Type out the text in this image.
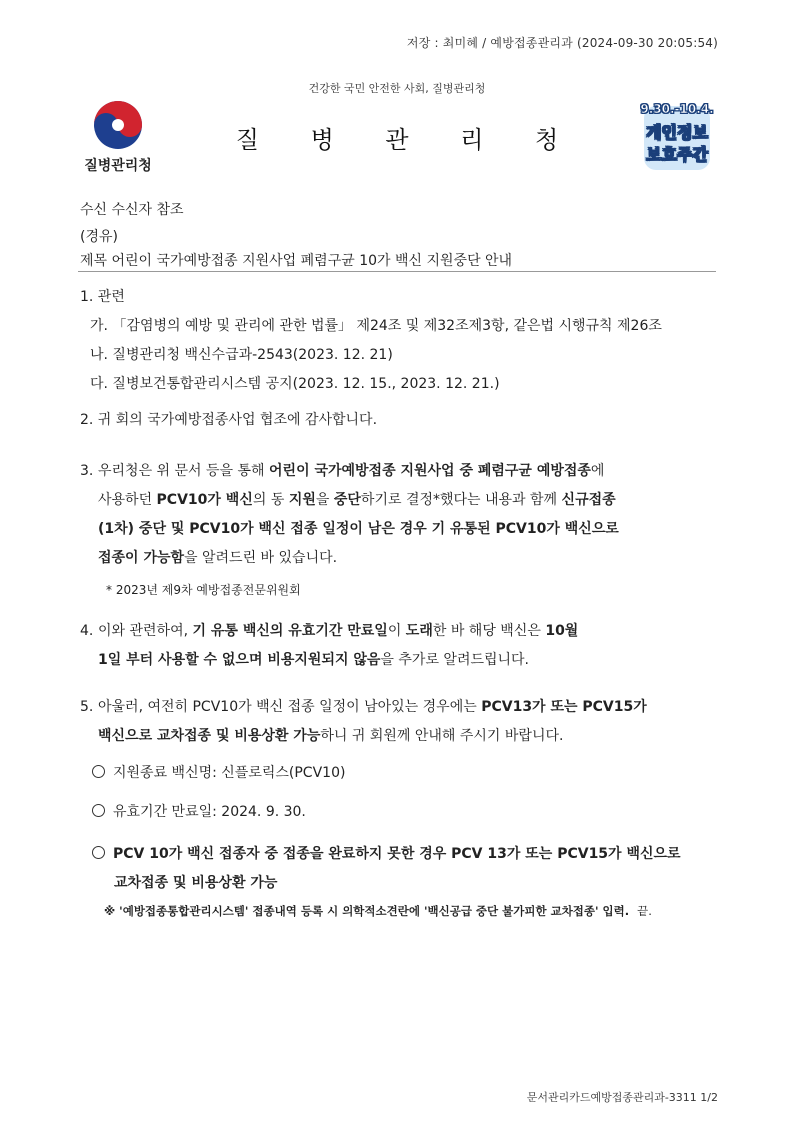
저장 : 최미혜 / 예방접종관리과 (2024-09-30 20:05:54)
건강한 국민 안전한 사회, 질병관리청
질병관리청
질 병 관 리 청
9.30.-10.4.
개인정보
보호주간
수신 수신자 참조
(경유)
제목 어린이 국가예방접종 지원사업 폐렴구균 10가 백신 지원중단 안내
1. 관련
가. 「감염병의 예방 및 관리에 관한 법률」 제24조 및 제32조제3항, 같은법 시행규칙 제26조
나. 질병관리청 백신수급과-2543(2023. 12. 21)
다. 질병보건통합관리시스템 공지(2023. 12. 15., 2023. 12. 21.)
2. 귀 회의 국가예방접종사업 협조에 감사합니다.
3. 우리청은 위 문서 등을 통해 어린이 국가예방접종 지원사업 중 폐렴구균 예방접종에
사용하던 PCV10가 백신의 동 지원을 중단하기로 결정*했다는 내용과 함께 신규접종
(1차) 중단 및 PCV10가 백신 접종 일정이 남은 경우 기 유통된 PCV10가 백신으로
접종이 가능함을 알려드린 바 있습니다.
* 2023년 제9차 예방접종전문위원회
4. 이와 관련하여, 기 유통 백신의 유효기간 만료일이 도래한 바 해당 백신은 10월
1일 부터 사용할 수 없으며 비용지원되지 않음을 추가로 알려드립니다.
5. 아울러, 여전히 PCV10가 백신 접종 일정이 남아있는 경우에는 PCV13가 또는 PCV15가
백신으로 교차접종 및 비용상환 가능하니 귀 회원께 안내해 주시기 바랍니다.
지원종료 백신명: 신플로릭스(PCV10)
유효기간 만료일: 2024. 9. 30.
PCV 10가 백신 접종자 중 접종을 완료하지 못한 경우 PCV 13가 또는 PCV15가 백신으로
교차접종 및 비용상환 가능
※ '예방접종통합관리시스템' 접종내역 등록 시 의학적소견란에 '백신공급 중단 불가피한 교차접종' 입력. 끝.
문서관리카드예방접종관리과-3311 1/2
